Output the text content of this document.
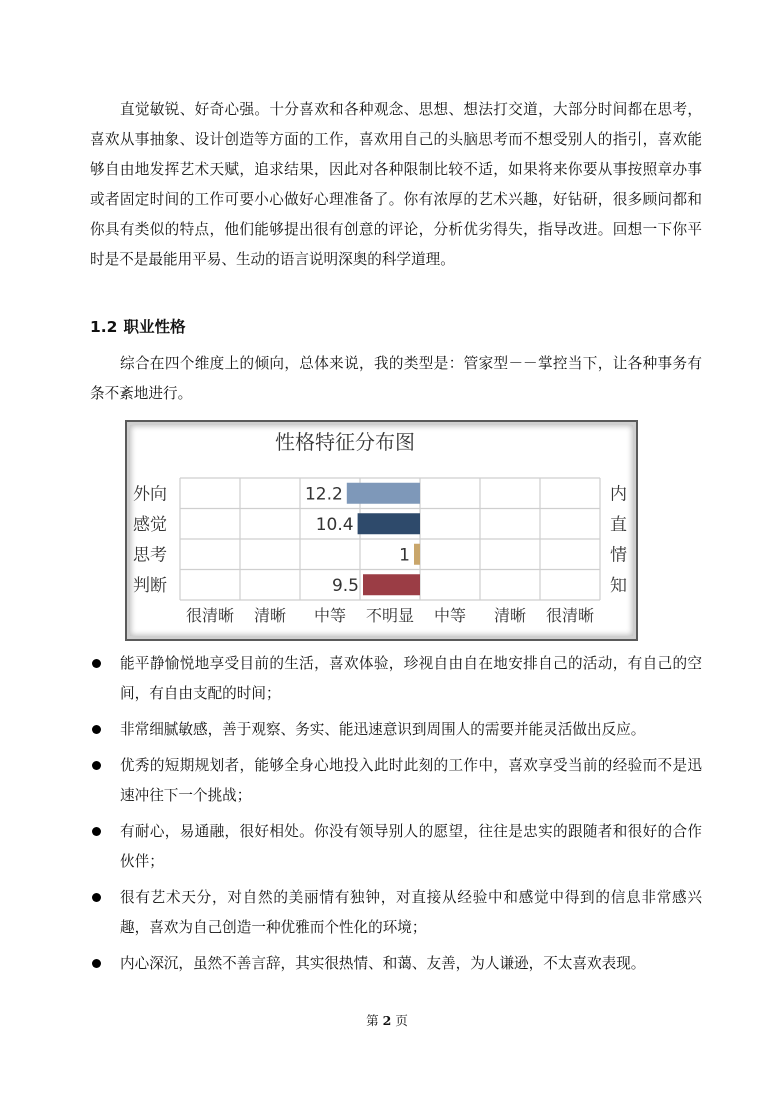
直觉敏锐、好奇心强。十分喜欢和各种观念、思想、想法打交道，大部分时间都在思考，喜欢从事抽象、设计创造等方面的工作，喜欢用自己的头脑思考而不想受别人的指引，喜欢能够自由地发挥艺术天赋，追求结果，因此对各种限制比较不适，如果将来你要从事按照章办事或者固定时间的工作可要小心做好心理准备了。你有浓厚的艺术兴趣，好钻研，很多顾问都和你具有类似的特点，他们能够提出很有创意的评论，分析优劣得失，指导改进。回想一下你平时是不是最能用平易、生动的语言说明深奥的科学道理。

1.2 职业性格

综合在四个维度上的倾向，总体来说，我的类型是：管家型－－掌控当下，让各种事务有条不紊地进行。

性格特征分布图
外向	内
12.2
感觉	直
10.4
思考	情
1
判断	知
9.5
很清晰 清晰 中等 不明显 中等 清晰 很清晰
能平静愉悦地享受目前的生活，喜欢体验，珍视自由自在地安排自己的活动，有自己的空间，有自由支配的时间；
非常细腻敏感，善于观察、务实、能迅速意识到周围人的需要并能灵活做出反应。
优秀的短期规划者，能够全身心地投入此时此刻的工作中，喜欢享受当前的经验而不是迅速冲往下一个挑战；
有耐心，易通融，很好相处。你没有领导别人的愿望，往往是忠实的跟随者和很好的合作伙伴；
很有艺术天分，对自然的美丽情有独钟，对直接从经验中和感觉中得到的信息非常感兴趣，喜欢为自己创造一种优雅而个性化的环境；
内心深沉，虽然不善言辞，其实很热情、和蔼、友善，为人谦逊，不太喜欢表现。
第 2 页
